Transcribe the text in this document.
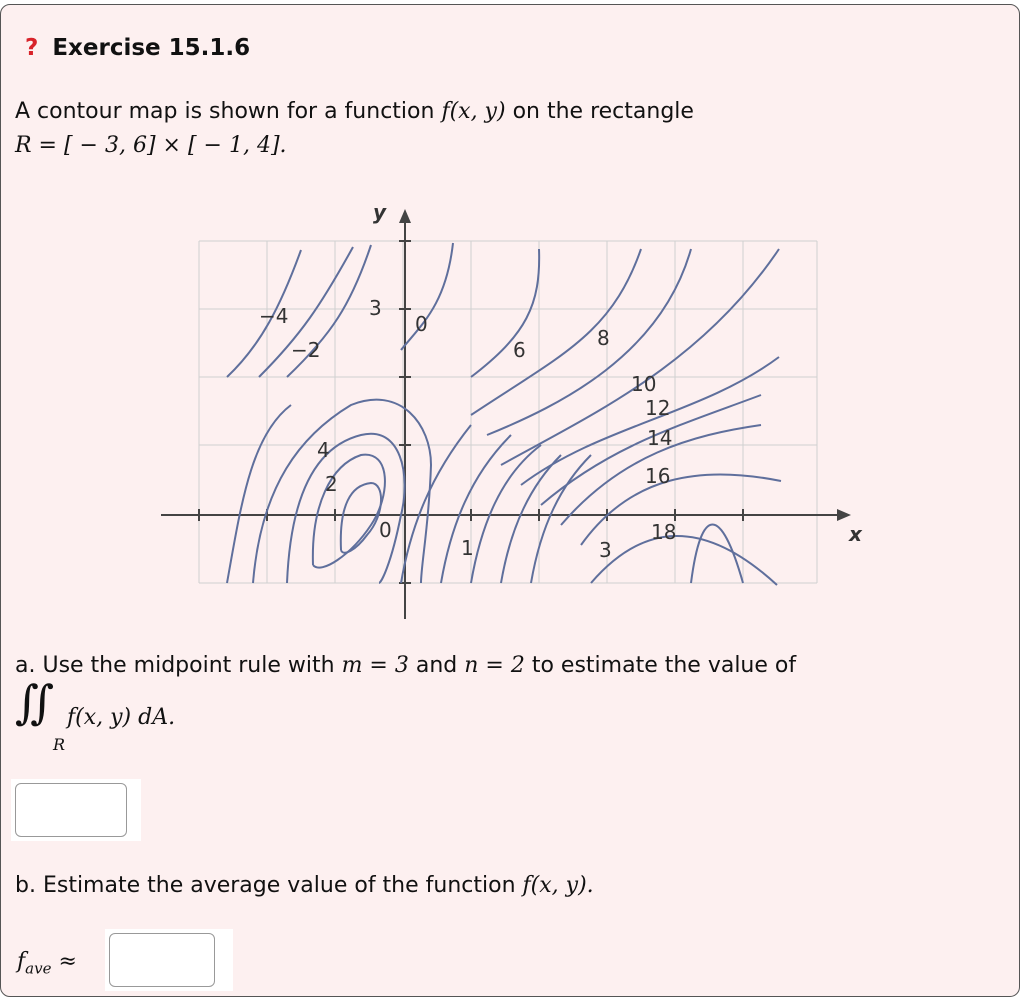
? Exercise 15.1.6
A contour map is shown for a function f(x, y) on the rectangle
R = [ − 3, 6] × [ − 1, 4].
x
y
1	3
3
−4
−2
0
6	8
10
12
14
16
18
4
2
0
a. Use the midpoint rule with m = 3 and n = 2 to estimate the value of
∬
R
f(x, y) dA.
b. Estimate the average value of the function f(x, y).
$f_{ave}$ ≈
